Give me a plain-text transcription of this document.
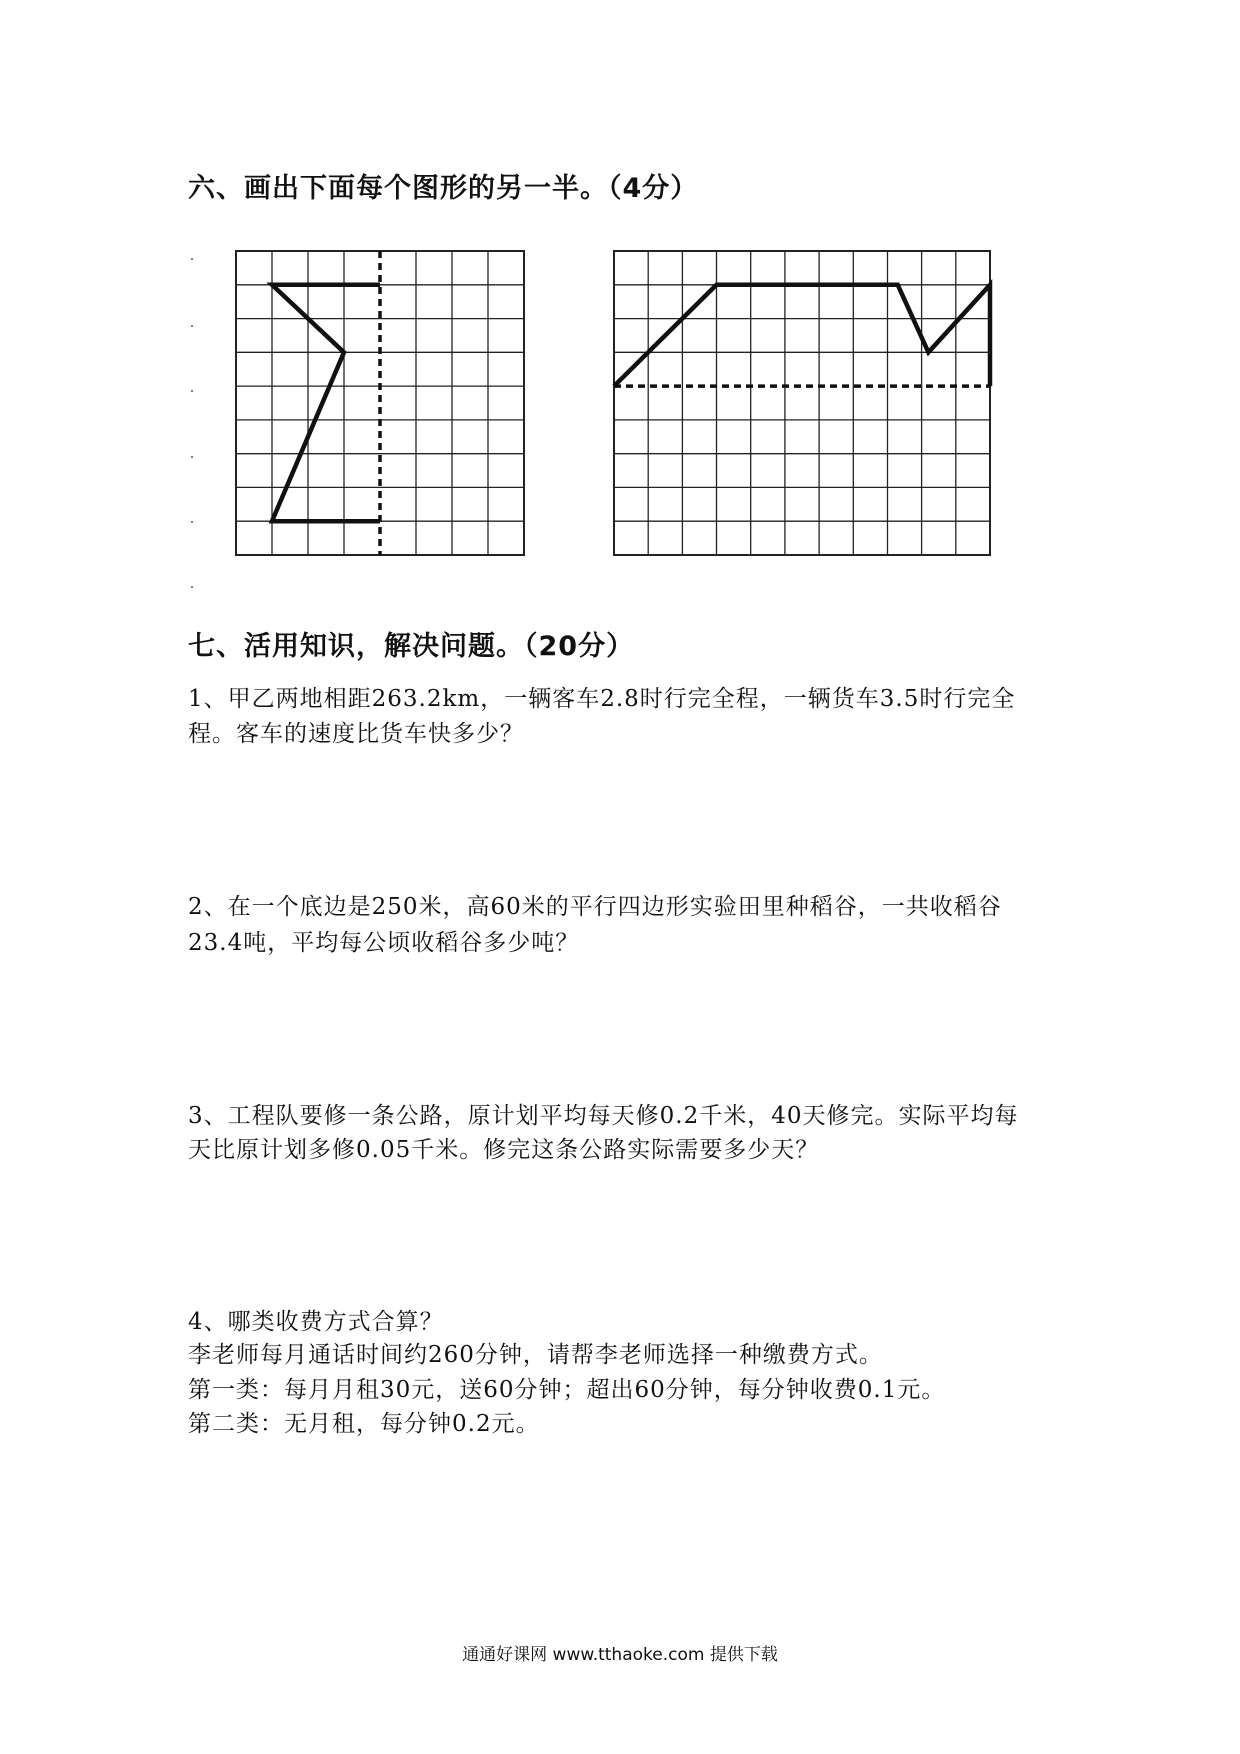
六、画出下面每个图形的另一半。（4分）
七、活用知识，解决问题。（20分）
1、甲乙两地相距263.2km，一辆客车2.8时行完全程，一辆货车3.5时行完全
程。客车的速度比货车快多少？
2、在一个底边是250米，高60米的平行四边形实验田里种稻谷，一共收稻谷
23.4吨，平均每公顷收稻谷多少吨？
3、工程队要修一条公路，原计划平均每天修0.2千米，40天修完。实际平均每
天比原计划多修0.05千米。修完这条公路实际需要多少天？
4、哪类收费方式合算？
李老师每月通话时间约260分钟，请帮李老师选择一种缴费方式。
第一类：每月月租30元，送60分钟；超出60分钟，每分钟收费0.1元。
第二类：无月租，每分钟0.2元。
通通好课网 www.tthaoke.com 提供下载
